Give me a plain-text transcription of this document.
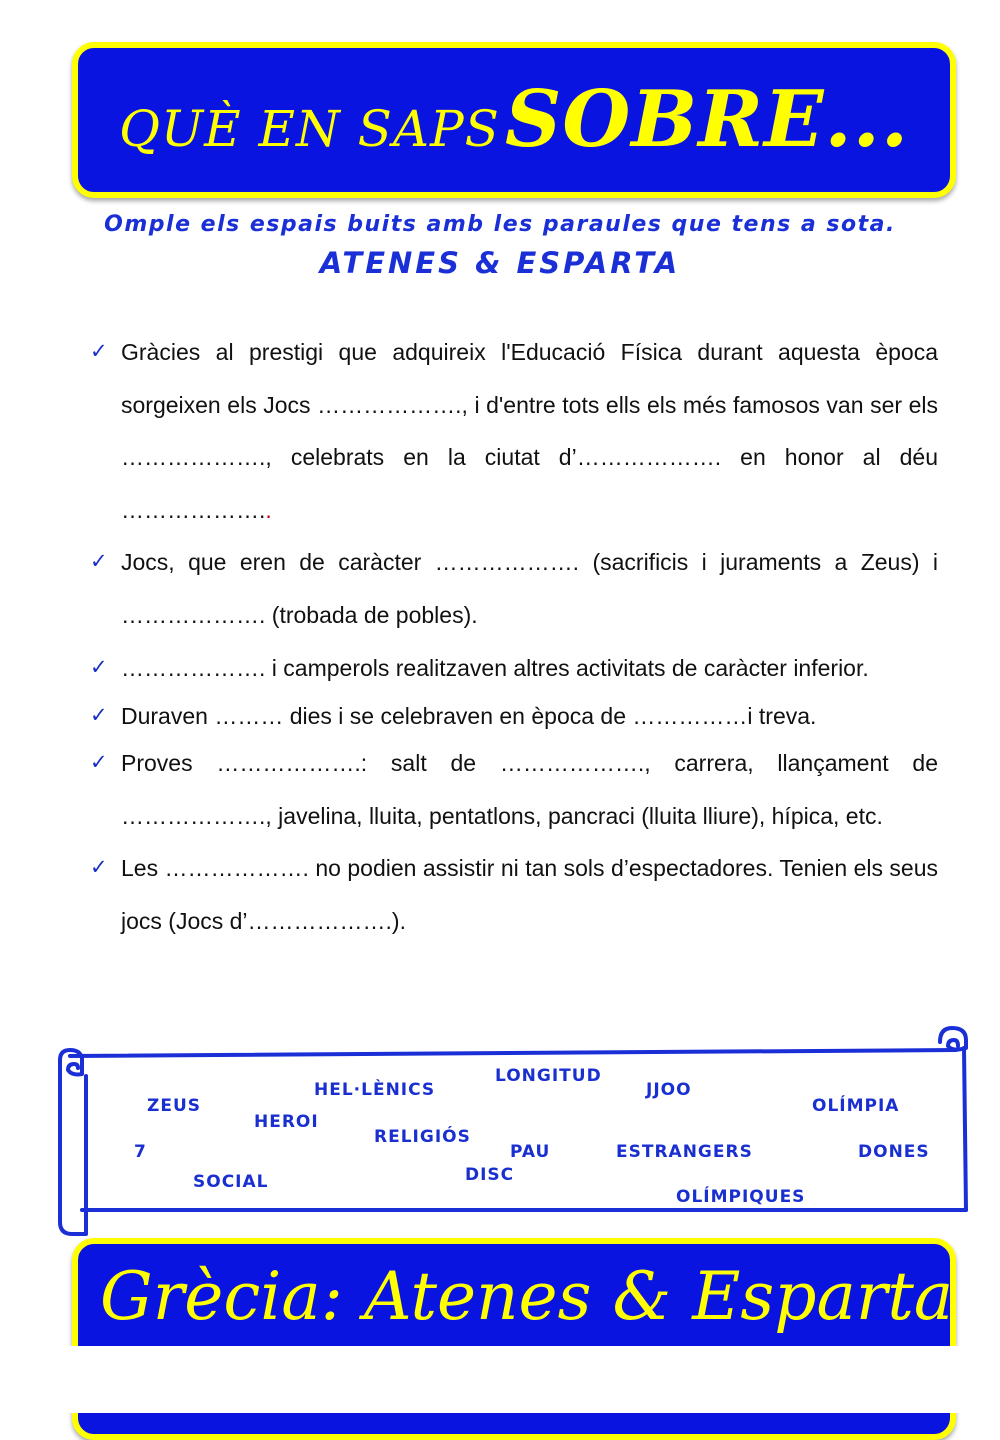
QUÈ EN SAPS SOBRE...
Omple els espais buits amb les paraules que tens a sota.
ATENES & ESPARTA
✓ Gràcies al prestigi que adquireix l'Educació Física durant aquesta època sorgeixen els Jocs ………………., i d'entre tots ells els més famosos van ser els ………………., celebrats en la ciutat d’………………. en honor al déu ………………..
✓ Jocs, que eren de caràcter ………………. (sacrificis i juraments a Zeus) i ………………. (trobada de pobles).
✓ ………………. i camperols realitzaven altres activitats de caràcter inferior.
✓ Duraven ……… dies i se celebraven en època de ……………i treva.
✓ Proves ……………….: salt de ………………., carrera, llançament de ………………., javelina, lluita, pentatlons, pancraci (lluita lliure), hípica, etc.
✓ Les ………………. no podien assistir ni tan sols d’espectadores. Tenien els seus jocs (Jocs d’……………….).
LONGITUD
HEL·LÈNICS	JJOO
ZEUS	OLÍMPIA
HEROI
RELIGIÓS
7	PAU	ESTRANGERS	DONES
DISC
SOCIAL
OLÍMPIQUES
Grècia: Atenes & Esparta
